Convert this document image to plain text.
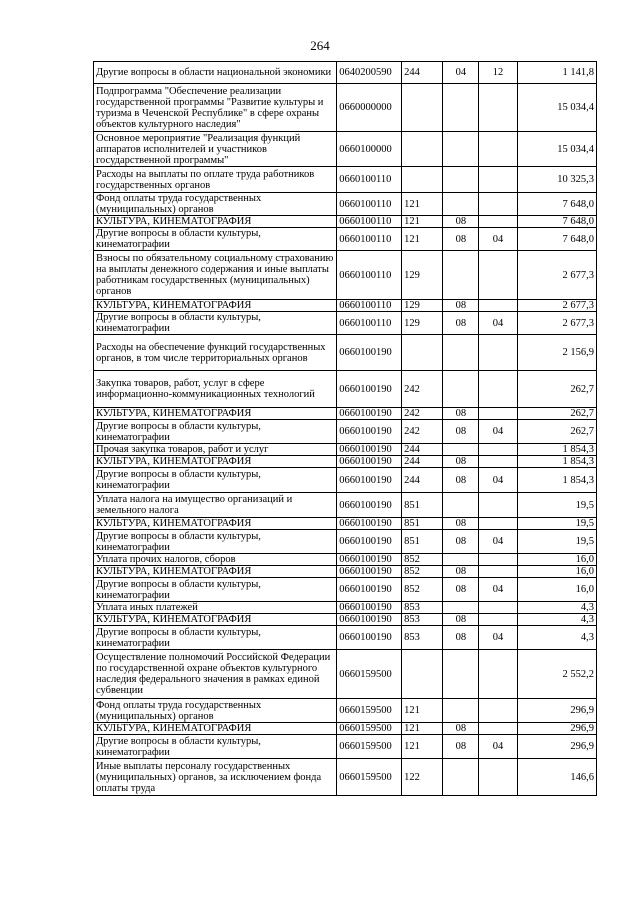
264
Другие вопросы в области национальной экономики	0640200590	244	04	12	1 141,8
Подпрограмма "Обеспечение реализации государственной программы "Развитие культуры и туризма в Чеченской Республике" в сфере охраны объектов культурного наследия"	0660000000				15 034,4
Основное мероприятие "Реализация функций аппаратов исполнителей и участников государственной программы"	0660100000				15 034,4
Расходы на выплаты по оплате труда работников государственных органов	0660100110				10 325,3
Фонд оплаты труда государственных (муниципальных) органов	0660100110	121			7 648,0
КУЛЬТУРА, КИНЕМАТОГРАФИЯ	0660100110	121	08		7 648,0
Другие вопросы в области культуры, кинематографии	0660100110	121	08	04	7 648,0
Взносы по обязательному социальному страхованию на выплаты денежного содержания и иные выплаты работникам государственных (муниципальных) органов	0660100110	129			2 677,3
КУЛЬТУРА, КИНЕМАТОГРАФИЯ	0660100110	129	08		2 677,3
Другие вопросы в области культуры, кинематографии	0660100110	129	08	04	2 677,3
Расходы на обеспечение функций государственных органов, в том числе территориальных органов	0660100190				2 156,9
Закупка товаров, работ, услуг в сфере информационно-коммуникационных технологий	0660100190	242			262,7
КУЛЬТУРА, КИНЕМАТОГРАФИЯ	0660100190	242	08		262,7
Другие вопросы в области культуры, кинематографии	0660100190	242	08	04	262,7
Прочая закупка товаров, работ и услуг	0660100190	244			1 854,3
КУЛЬТУРА, КИНЕМАТОГРАФИЯ	0660100190	244	08		1 854,3
Другие вопросы в области культуры, кинематографии	0660100190	244	08	04	1 854,3
Уплата налога на имущество организаций и земельного налога	0660100190	851			19,5
КУЛЬТУРА, КИНЕМАТОГРАФИЯ	0660100190	851	08		19,5
Другие вопросы в области культуры, кинематографии	0660100190	851	08	04	19,5
Уплата прочих налогов, сборов	0660100190	852			16,0
КУЛЬТУРА, КИНЕМАТОГРАФИЯ	0660100190	852	08		16,0
Другие вопросы в области культуры, кинематографии	0660100190	852	08	04	16,0
Уплата иных платежей	0660100190	853			4,3
КУЛЬТУРА, КИНЕМАТОГРАФИЯ	0660100190	853	08		4,3
Другие вопросы в области культуры, кинематографии	0660100190	853	08	04	4,3
Осуществление полномочий Российской Федерации по государственной охране объектов культурного наследия федерального значения в рамках единой субвенции	0660159500				2 552,2
Фонд оплаты труда государственных (муниципальных) органов	0660159500	121			296,9
КУЛЬТУРА, КИНЕМАТОГРАФИЯ	0660159500	121	08		296,9
Другие вопросы в области культуры, кинематографии	0660159500	121	08	04	296,9
Иные выплаты персоналу государственных (муниципальных) органов, за исключением фонда оплаты труда	0660159500	122			146,6
